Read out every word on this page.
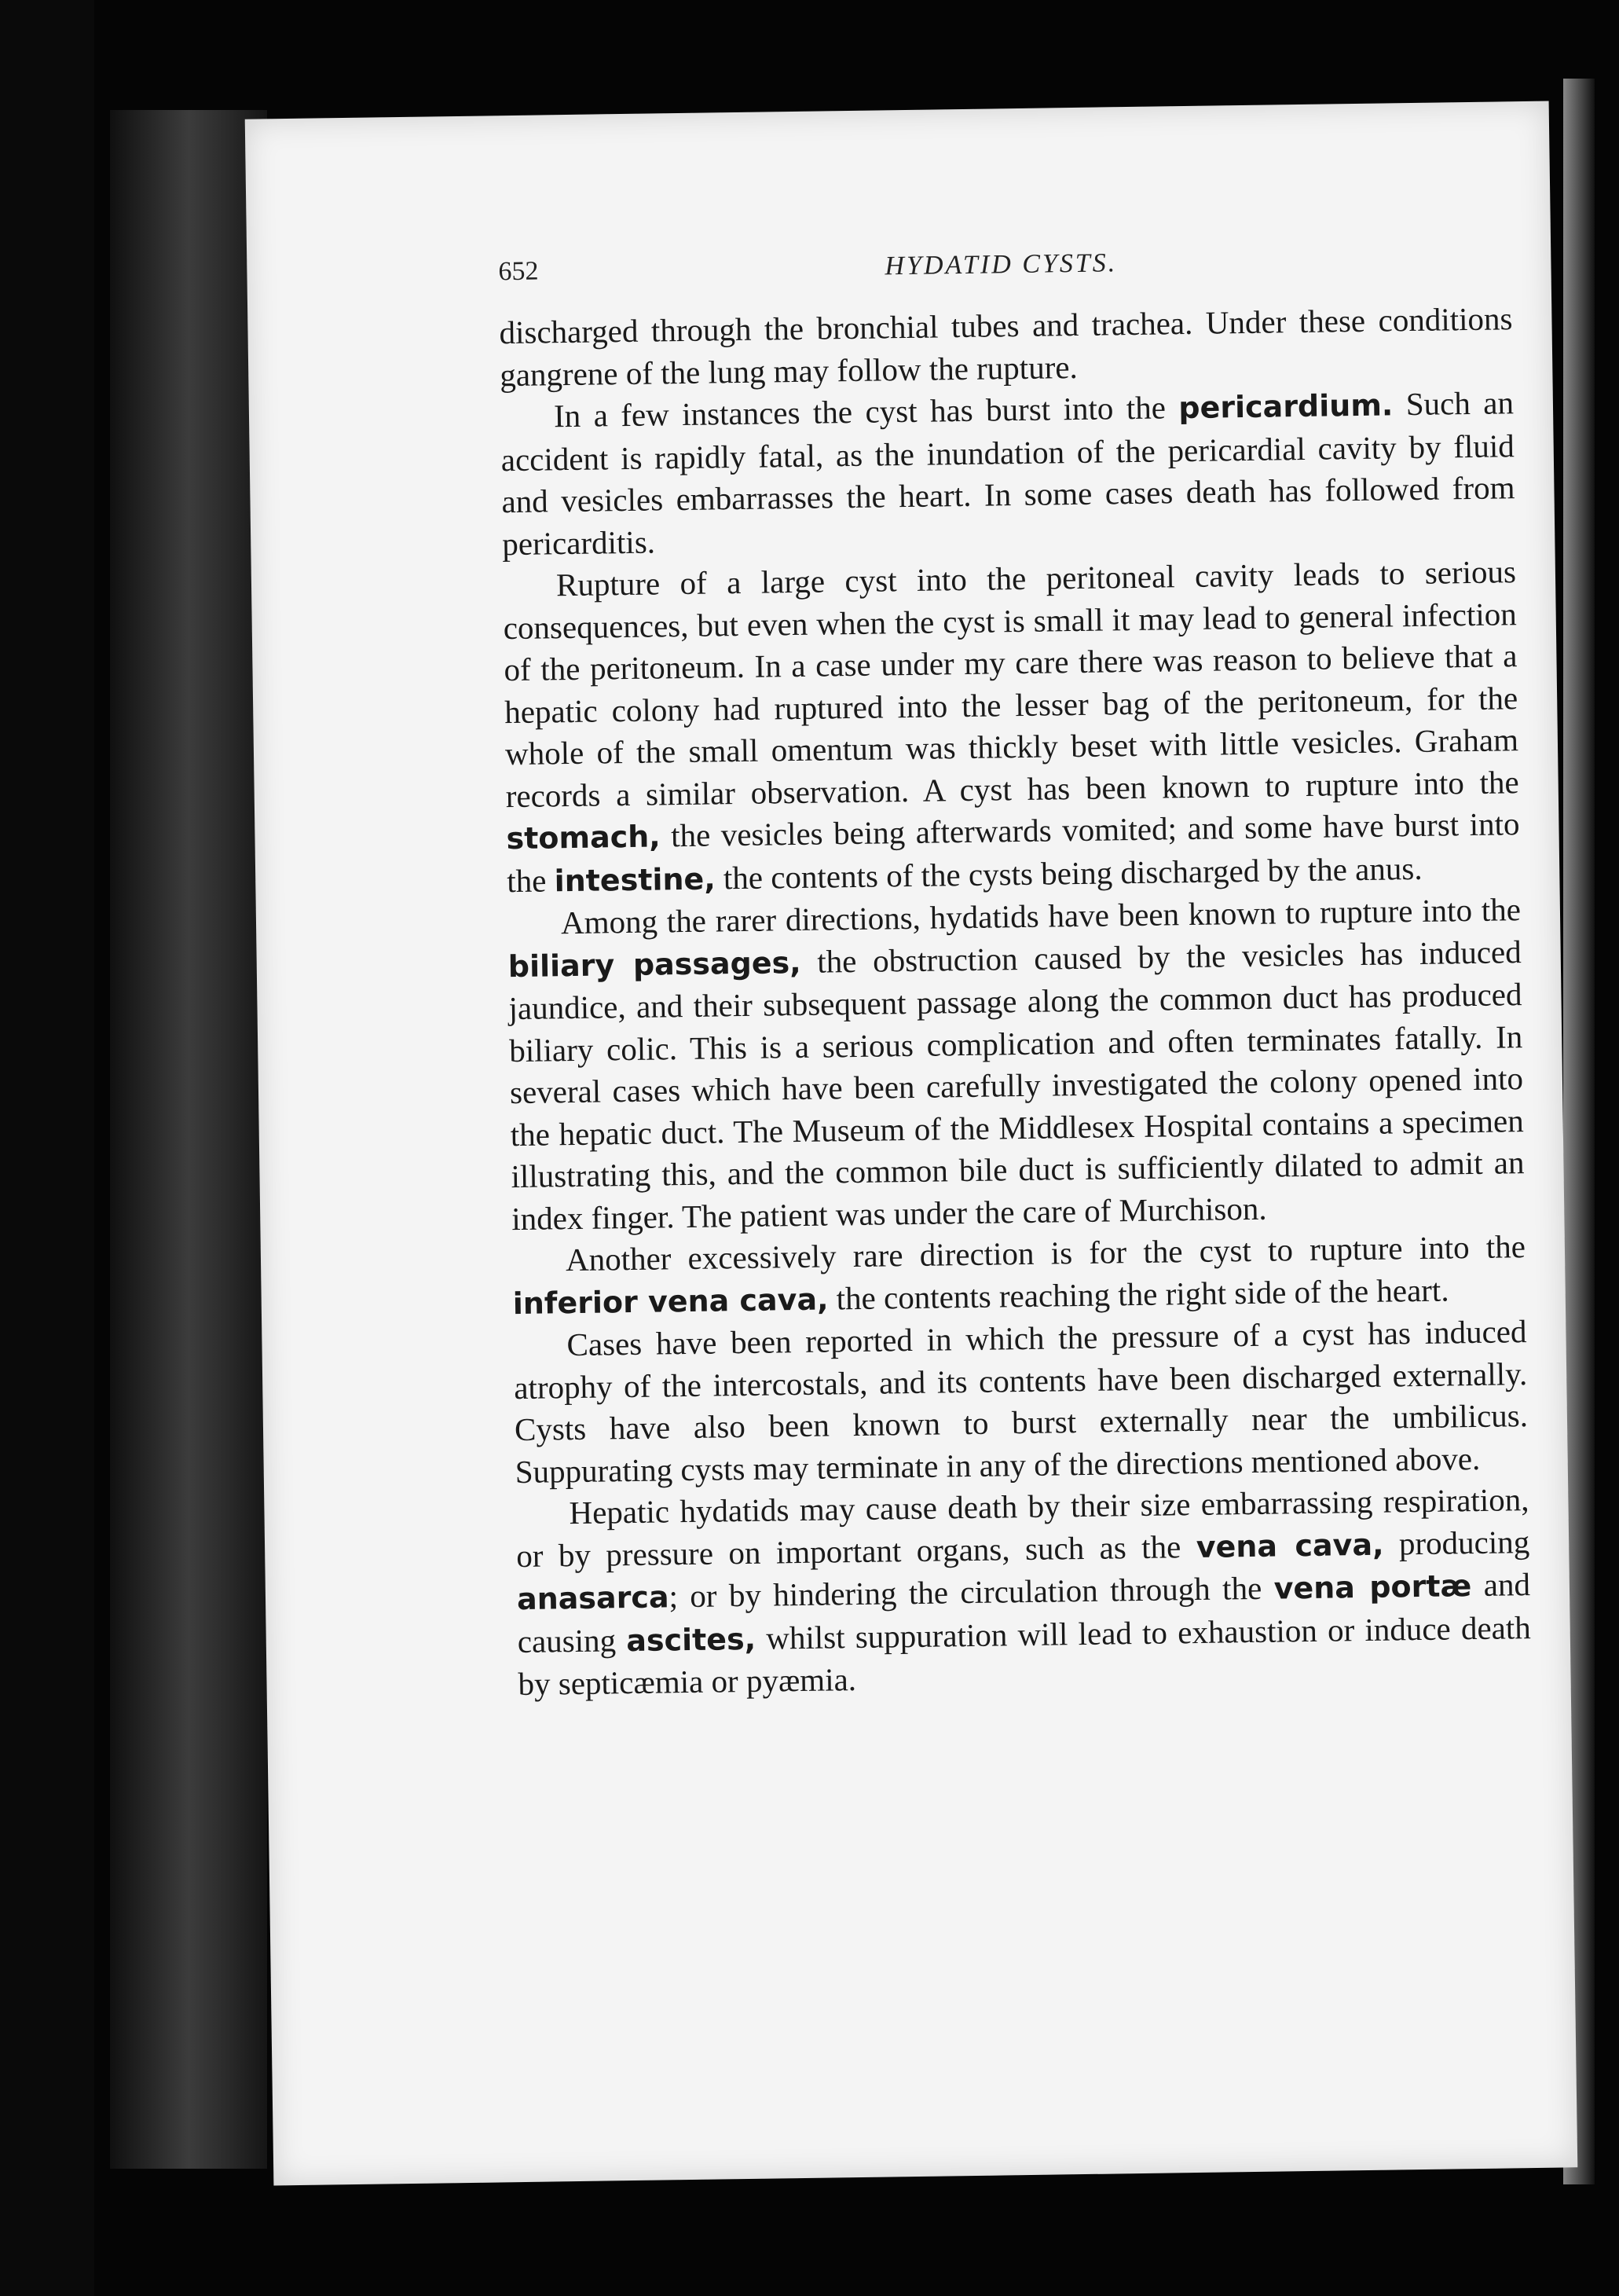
652	HYDATID CYSTS.

discharged through the bronchial tubes and trachea. Under these conditions gangrene of the lung may follow the rupture.

In a few instances the cyst has burst into the pericardium. Such an accident is rapidly fatal, as the inundation of the pericardial cavity by fluid and vesicles embarrasses the heart. In some cases death has followed from pericarditis.

Rupture of a large cyst into the peritoneal cavity leads to serious consequences, but even when the cyst is small it may lead to general infection of the peritoneum. In a case under my care there was reason to believe that a hepatic colony had ruptured into the lesser bag of the peritoneum, for the whole of the small omentum was thickly beset with little vesicles. Graham records a similar observation. A cyst has been known to rupture into the stomach, the vesicles being afterwards vomited; and some have burst into the intestine, the contents of the cysts being discharged by the anus.

Among the rarer directions, hydatids have been known to rupture into the biliary passages, the obstruction caused by the vesicles has induced jaundice, and their subsequent passage along the common duct has produced biliary colic. This is a serious complication and often terminates fatally. In several cases which have been carefully investigated the colony opened into the hepatic duct. The Museum of the Middlesex Hospital contains a specimen illustrating this, and the common bile duct is sufficiently dilated to admit an index finger. The patient was under the care of Murchison.

Another excessively rare direction is for the cyst to rupture into the inferior vena cava, the contents reaching the right side of the heart.

Cases have been reported in which the pressure of a cyst has induced atrophy of the intercostals, and its contents have been discharged externally. Cysts have also been known to burst externally near the umbilicus. Suppurating cysts may terminate in any of the directions mentioned above.

Hepatic hydatids may cause death by their size embarrassing respiration, or by pressure on important organs, such as the vena cava, producing anasarca; or by hindering the circulation through the vena portæ and causing ascites, whilst suppuration will lead to exhaustion or induce death by septicæmia or pyæmia.
